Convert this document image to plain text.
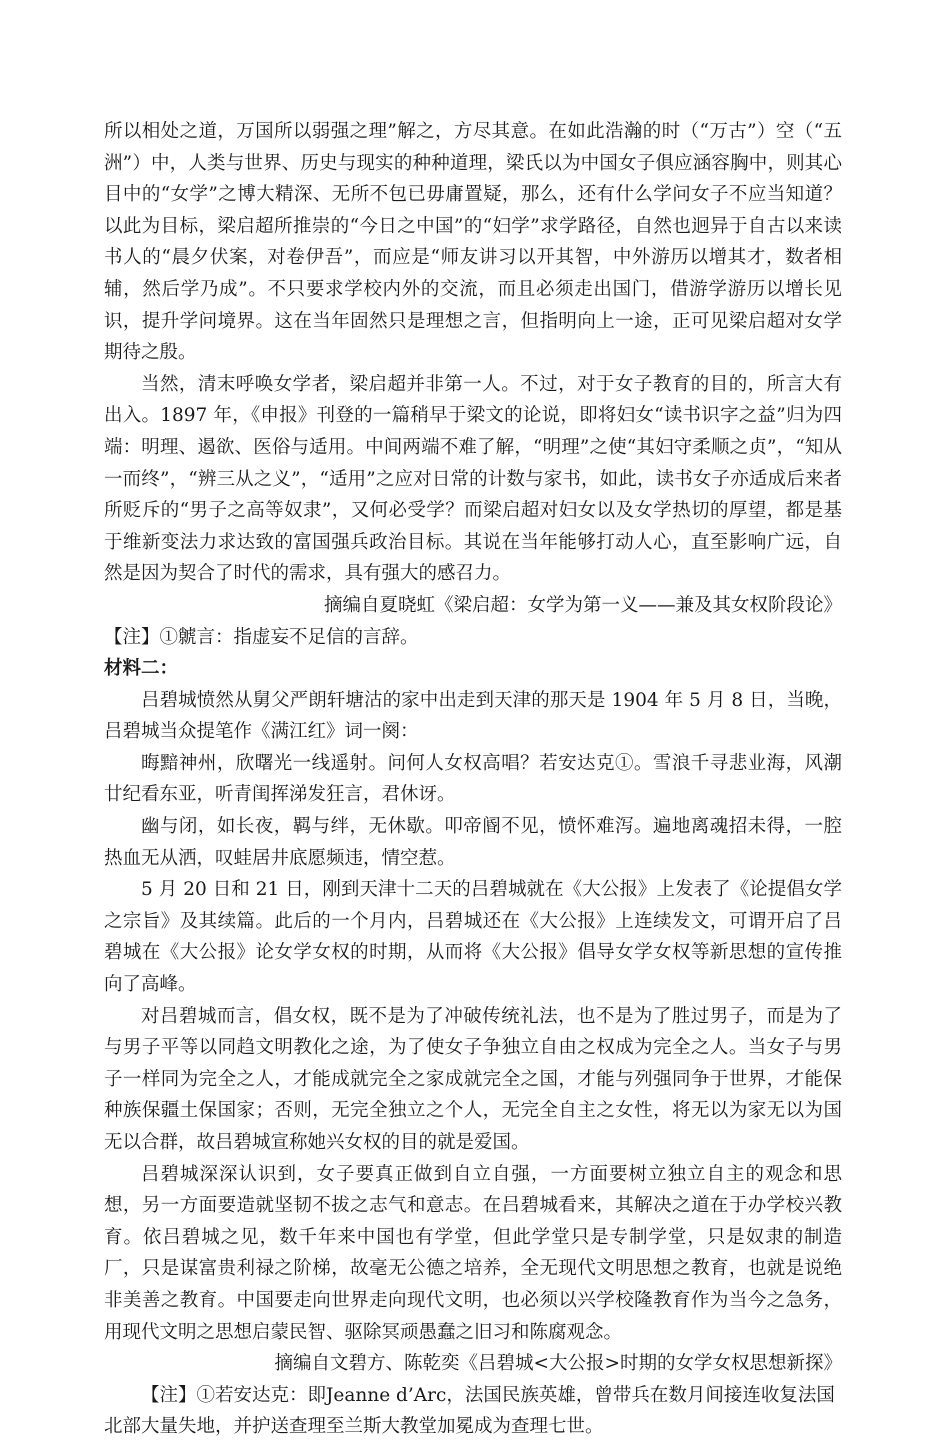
所以相处之道，万国所以弱强之理”解之，方尽其意。在如此浩瀚的时（“万古”）空（“五洲”）中，人类与世界、历史与现实的种种道理，梁氏以为中国女子俱应涵容胸中，则其心目中的“女学”之博大精深、无所不包已毋庸置疑，那么，还有什么学问女子不应当知道？以此为目标，梁启超所推崇的“今日之中国”的“妇学”求学路径，自然也迥异于自古以来读书人的“晨夕伏案，对卷伊吾”，而应是“师友讲习以开其智，中外游历以增其才，数者相辅，然后学乃成”。不只要求学校内外的交流，而且必须走出国门，借游学游历以增长见识，提升学问境界。这在当年固然只是理想之言，但指明向上一途，正可见梁启超对女学期待之殷。

当然，清末呼唤女学者，梁启超并非第一人。不过，对于女子教育的目的，所言大有出入。1897 年，《申报》刊登的一篇稍早于梁文的论说，即将妇女“读书识字之益”归为四端：明理、遏欲、医俗与适用。中间两端不难了解，“明理”之使“其妇守柔顺之贞”，“知从一而终”，“辨三从之义”，“适用”之应对日常的计数与家书，如此，读书女子亦适成后来者所贬斥的“男子之高等奴隶”，又何必受学？而梁启超对妇女以及女学热切的厚望，都是基于维新变法力求达致的富国强兵政治目标。其说在当年能够打动人心，直至影响广远，自然是因为契合了时代的需求，具有强大的感召力。

摘编自夏晓虹《梁启超：女学为第一义——兼及其女权阶段论》

【注】①虩言：指虚妄不足信的言辞。

材料二：

吕碧城愤然从舅父严朗轩塘沽的家中出走到天津的那天是 1904 年 5 月 8 日，当晚，吕碧城当众提笔作《满江红》词一阕：

晦黯神州，欣曙光一线遥射。问何人女权高唱？若安达克①。雪浪千寻悲业海，风潮廿纪看东亚，听青闺挥涕发狂言，君休讶。

幽与闭，如长夜，羁与绊，无休歇。叩帝阍不见，愤怀难泻。遍地离魂招未得，一腔热血无从洒，叹蛙居井底愿频违，情空惹。

5 月 20 日和 21 日，刚到天津十二天的吕碧城就在《大公报》上发表了《论提倡女学之宗旨》及其续篇。此后的一个月内，吕碧城还在《大公报》上连续发文，可谓开启了吕碧城在《大公报》论女学女权的时期，从而将《大公报》倡导女学女权等新思想的宣传推向了高峰。

对吕碧城而言，倡女权，既不是为了冲破传统礼法，也不是为了胜过男子，而是为了与男子平等以同趋文明教化之途，为了使女子争独立自由之权成为完全之人。当女子与男子一样同为完全之人，才能成就完全之家成就完全之国，才能与列强同争于世界，才能保种族保疆土保国家；否则，无完全独立之个人，无完全自主之女性，将无以为家无以为国无以合群，故吕碧城宣称她兴女权的目的就是爱国。

吕碧城深深认识到，女子要真正做到自立自强，一方面要树立独立自主的观念和思想，另一方面要造就坚韧不拔之志气和意志。在吕碧城看来，其解决之道在于办学校兴教育。依吕碧城之见，数千年来中国也有学堂，但此学堂只是专制学堂，只是奴隶的制造厂，只是谋富贵利禄之阶梯，故毫无公德之培养，全无现代文明思想之教育，也就是说绝非美善之教育。中国要走向世界走向现代文明，也必须以兴学校隆教育作为当今之急务，用现代文明之思想启蒙民智、驱除冥顽愚蠢之旧习和陈腐观念。

摘编自文碧方、陈乾奕《吕碧城<大公报>时期的女学女权思想新探》

【注】①若安达克：即Jeanne d’Arc，法国民族英雄，曾带兵在数月间接连收复法国北部大量失地，并护送查理至兰斯大教堂加冕成为查理七世。
